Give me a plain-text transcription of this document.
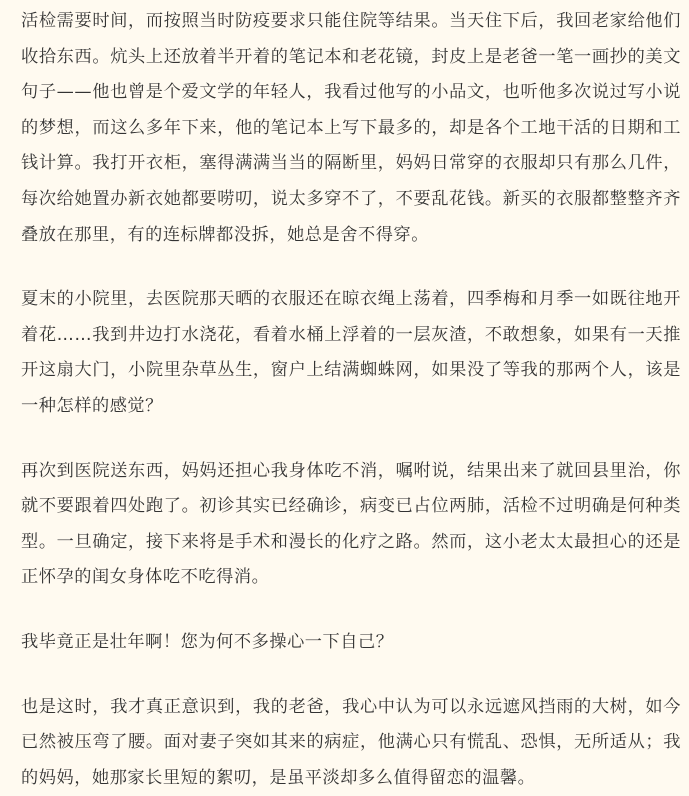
活检需要时间，而按照当时防疫要求只能住院等结果。当天住下后，我回老家给他们收拾东西。炕头上还放着半开着的笔记本和老花镜，封皮上是老爸一笔一画抄的美文句子——他也曾是个爱文学的年轻人，我看过他写的小品文，也听他多次说过写小说的梦想，而这么多年下来，他的笔记本上写下最多的，却是各个工地干活的日期和工钱计算。我打开衣柜，塞得满满当当的隔断里，妈妈日常穿的衣服却只有那么几件，每次给她置办新衣她都要唠叨，说太多穿不了，不要乱花钱。新买的衣服都整整齐齐叠放在那里，有的连标牌都没拆，她总是舍不得穿。

夏末的小院里，去医院那天晒的衣服还在晾衣绳上荡着，四季梅和月季一如既往地开着花……我到井边打水浇花，看着水桶上浮着的一层灰渣，不敢想象，如果有一天推开这扇大门，小院里杂草丛生，窗户上结满蜘蛛网，如果没了等我的那两个人，该是一种怎样的感觉？

再次到医院送东西，妈妈还担心我身体吃不消，嘱咐说，结果出来了就回县里治，你就不要跟着四处跑了。初诊其实已经确诊，病变已占位两肺，活检不过明确是何种类型。一旦确定，接下来将是手术和漫长的化疗之路。然而，这小老太太最担心的还是正怀孕的闺女身体吃不吃得消。

我毕竟正是壮年啊！您为何不多操心一下自己？

也是这时，我才真正意识到，我的老爸，我心中认为可以永远遮风挡雨的大树，如今已然被压弯了腰。面对妻子突如其来的病症，他满心只有慌乱、恐惧，无所适从；我的妈妈，她那家长里短的絮叨，是虽平淡却多么值得留恋的温馨。
